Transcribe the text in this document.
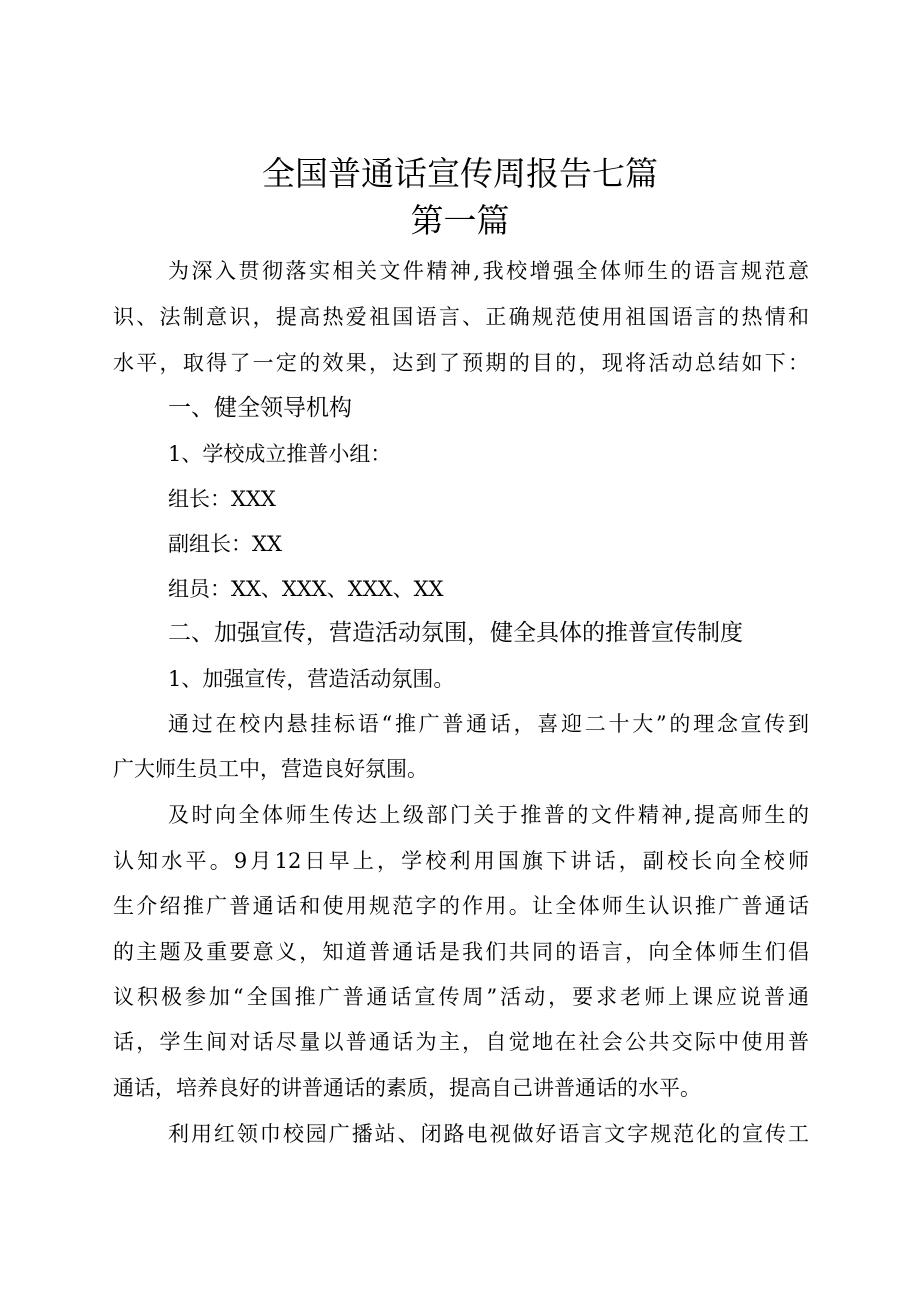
全国普通话宣传周报告七篇
第一篇

为深入贯彻落实相关文件精神,我校增强全体师生的语言规范意

识、法制意识，提高热爱祖国语言、正确规范使用祖国语言的热情和

水平，取得了一定的效果，达到了预期的目的，现将活动总结如下：

一、健全领导机构

1、学校成立推普小组：

组长：XXX

副组长：XX

组员：XX、XXX、XXX、XX

二、加强宣传，营造活动氛围，健全具体的推普宣传制度

1、加强宣传，营造活动氛围。

通过在校内悬挂标语“推广普通话，喜迎二十大”的理念宣传到

广大师生员工中，营造良好氛围。

及时向全体师生传达上级部门关于推普的文件精神,提高师生的

认知水平。9月12日早上，学校利用国旗下讲话，副校长向全校师

生介绍推广普通话和使用规范字的作用。让全体师生认识推广普通话

的主题及重要意义，知道普通话是我们共同的语言，向全体师生们倡

议积极参加“全国推广普通话宣传周”活动，要求老师上课应说普通

话，学生间对话尽量以普通话为主，自觉地在社会公共交际中使用普

通话，培养良好的讲普通话的素质，提高自己讲普通话的水平。

利用红领巾校园广播站、闭路电视做好语言文字规范化的宣传工
